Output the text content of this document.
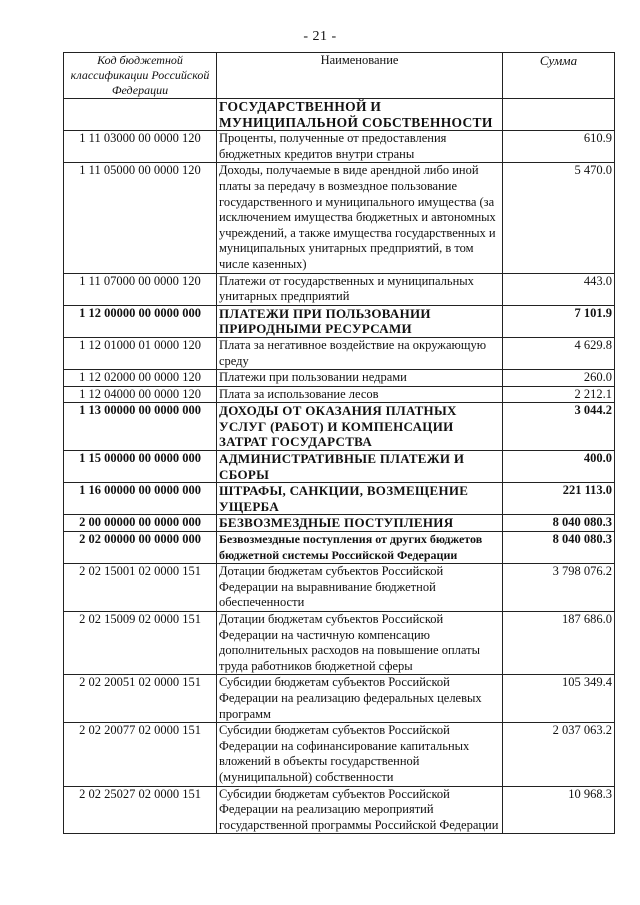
- 21 -
Код бюджетной классификации Российской Федерации	Наименование	Сумма
	ГОСУДАРСТВЕННОЙ И МУНИЦИПАЛЬНОЙ СОБСТВЕННОСТИ	
1 11 03000 00 0000 120	Проценты, полученные от предоставления бюджетных кредитов внутри страны	610.9
1 11 05000 00 0000 120	Доходы, получаемые в виде арендной либо иной платы за передачу в возмездное пользование государственного и муниципального имущества (за исключением имущества бюджетных и автономных учреждений, а также имущества государственных и муниципальных унитарных предприятий, в том числе казенных)	5 470.0
1 11 07000 00 0000 120	Платежи от государственных и муниципальных унитарных предприятий	443.0
1 12 00000 00 0000 000	ПЛАТЕЖИ ПРИ ПОЛЬЗОВАНИИ ПРИРОДНЫМИ РЕСУРСАМИ	7 101.9
1 12 01000 01 0000 120	Плата за негативное воздействие на окружающую среду	4 629.8
1 12 02000 00 0000 120	Платежи при пользовании недрами	260.0
1 12 04000 00 0000 120	Плата за использование лесов	2 212.1
1 13 00000 00 0000 000	ДОХОДЫ ОТ ОКАЗАНИЯ ПЛАТНЫХ УСЛУГ (РАБОТ) И КОМПЕНСАЦИИ ЗАТРАТ ГОСУДАРСТВА	3 044.2
1 15 00000 00 0000 000	АДМИНИСТРАТИВНЫЕ ПЛАТЕЖИ И СБОРЫ	400.0
1 16 00000 00 0000 000	ШТРАФЫ, САНКЦИИ, ВОЗМЕЩЕНИЕ УЩЕРБА	221 113.0
2 00 00000 00 0000 000	БЕЗВОЗМЕЗДНЫЕ ПОСТУПЛЕНИЯ	8 040 080.3
2 02 00000 00 0000 000	Безвозмездные поступления от других бюджетов бюджетной системы Российской Федерации	8 040 080.3
2 02 15001 02 0000 151	Дотации бюджетам субъектов Российской Федерации на выравнивание бюджетной обеспеченности	3 798 076.2
2 02 15009 02 0000 151	Дотации бюджетам субъектов Российской Федерации на частичную компенсацию дополнительных расходов на повышение оплаты труда работников бюджетной сферы	187 686.0
2 02 20051 02 0000 151	Субсидии бюджетам субъектов Российской Федерации на реализацию федеральных целевых программ	105 349.4
2 02 20077 02 0000 151	Субсидии бюджетам субъектов Российской Федерации на софинансирование капитальных вложений в объекты государственной (муниципальной) собственности	2 037 063.2
2 02 25027 02 0000 151	Субсидии бюджетам субъектов Российской Федерации на реализацию мероприятий государственной программы Российской Федерации	10 968.3
